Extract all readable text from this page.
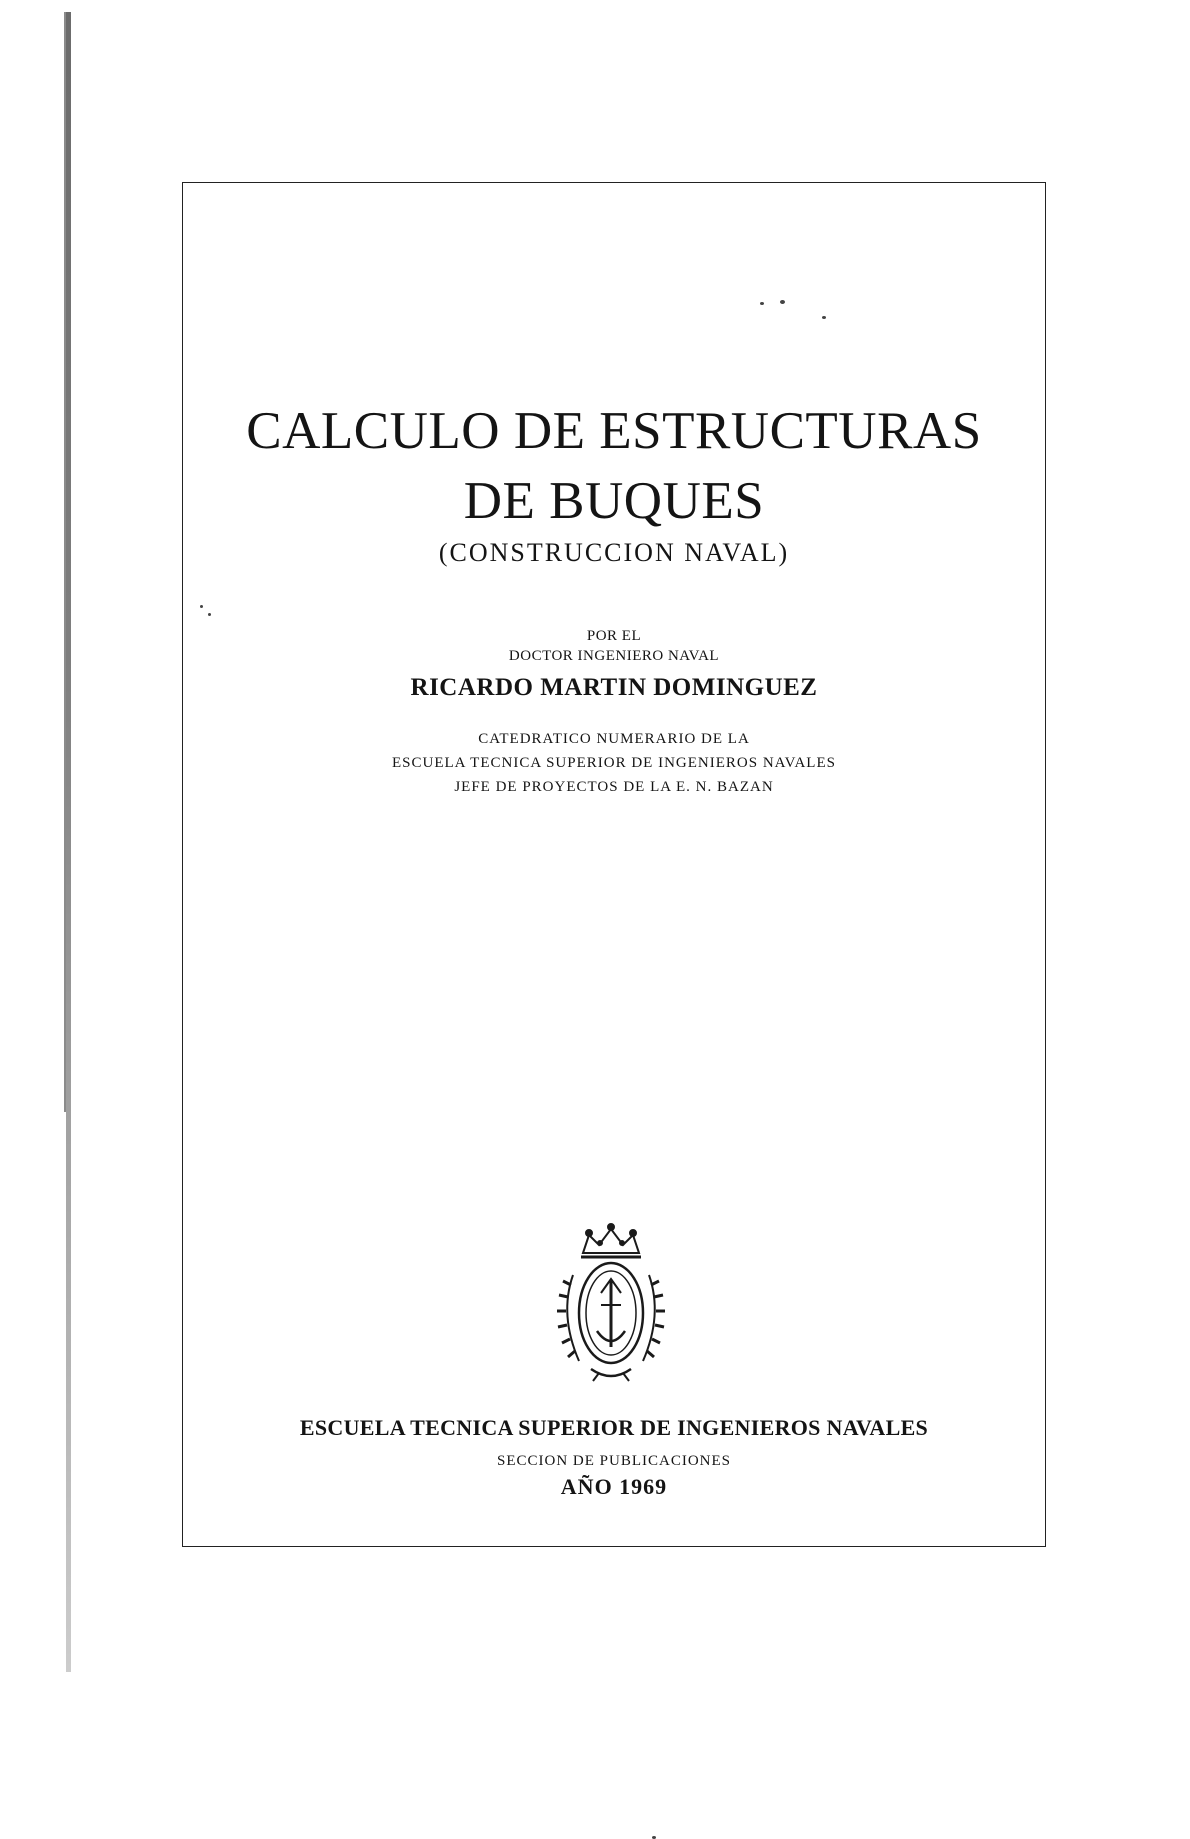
CALCULO DE ESTRUCTURAS
DE BUQUES
(CONSTRUCCION NAVAL)
POR EL
DOCTOR INGENIERO NAVAL
RICARDO MARTIN DOMINGUEZ
CATEDRATICO NUMERARIO DE LA
ESCUELA TECNICA SUPERIOR DE INGENIEROS NAVALES
JEFE DE PROYECTOS DE LA E. N. BAZAN
ESCUELA TECNICA SUPERIOR DE INGENIEROS NAVALES
SECCION DE PUBLICACIONES
AÑO 1969
